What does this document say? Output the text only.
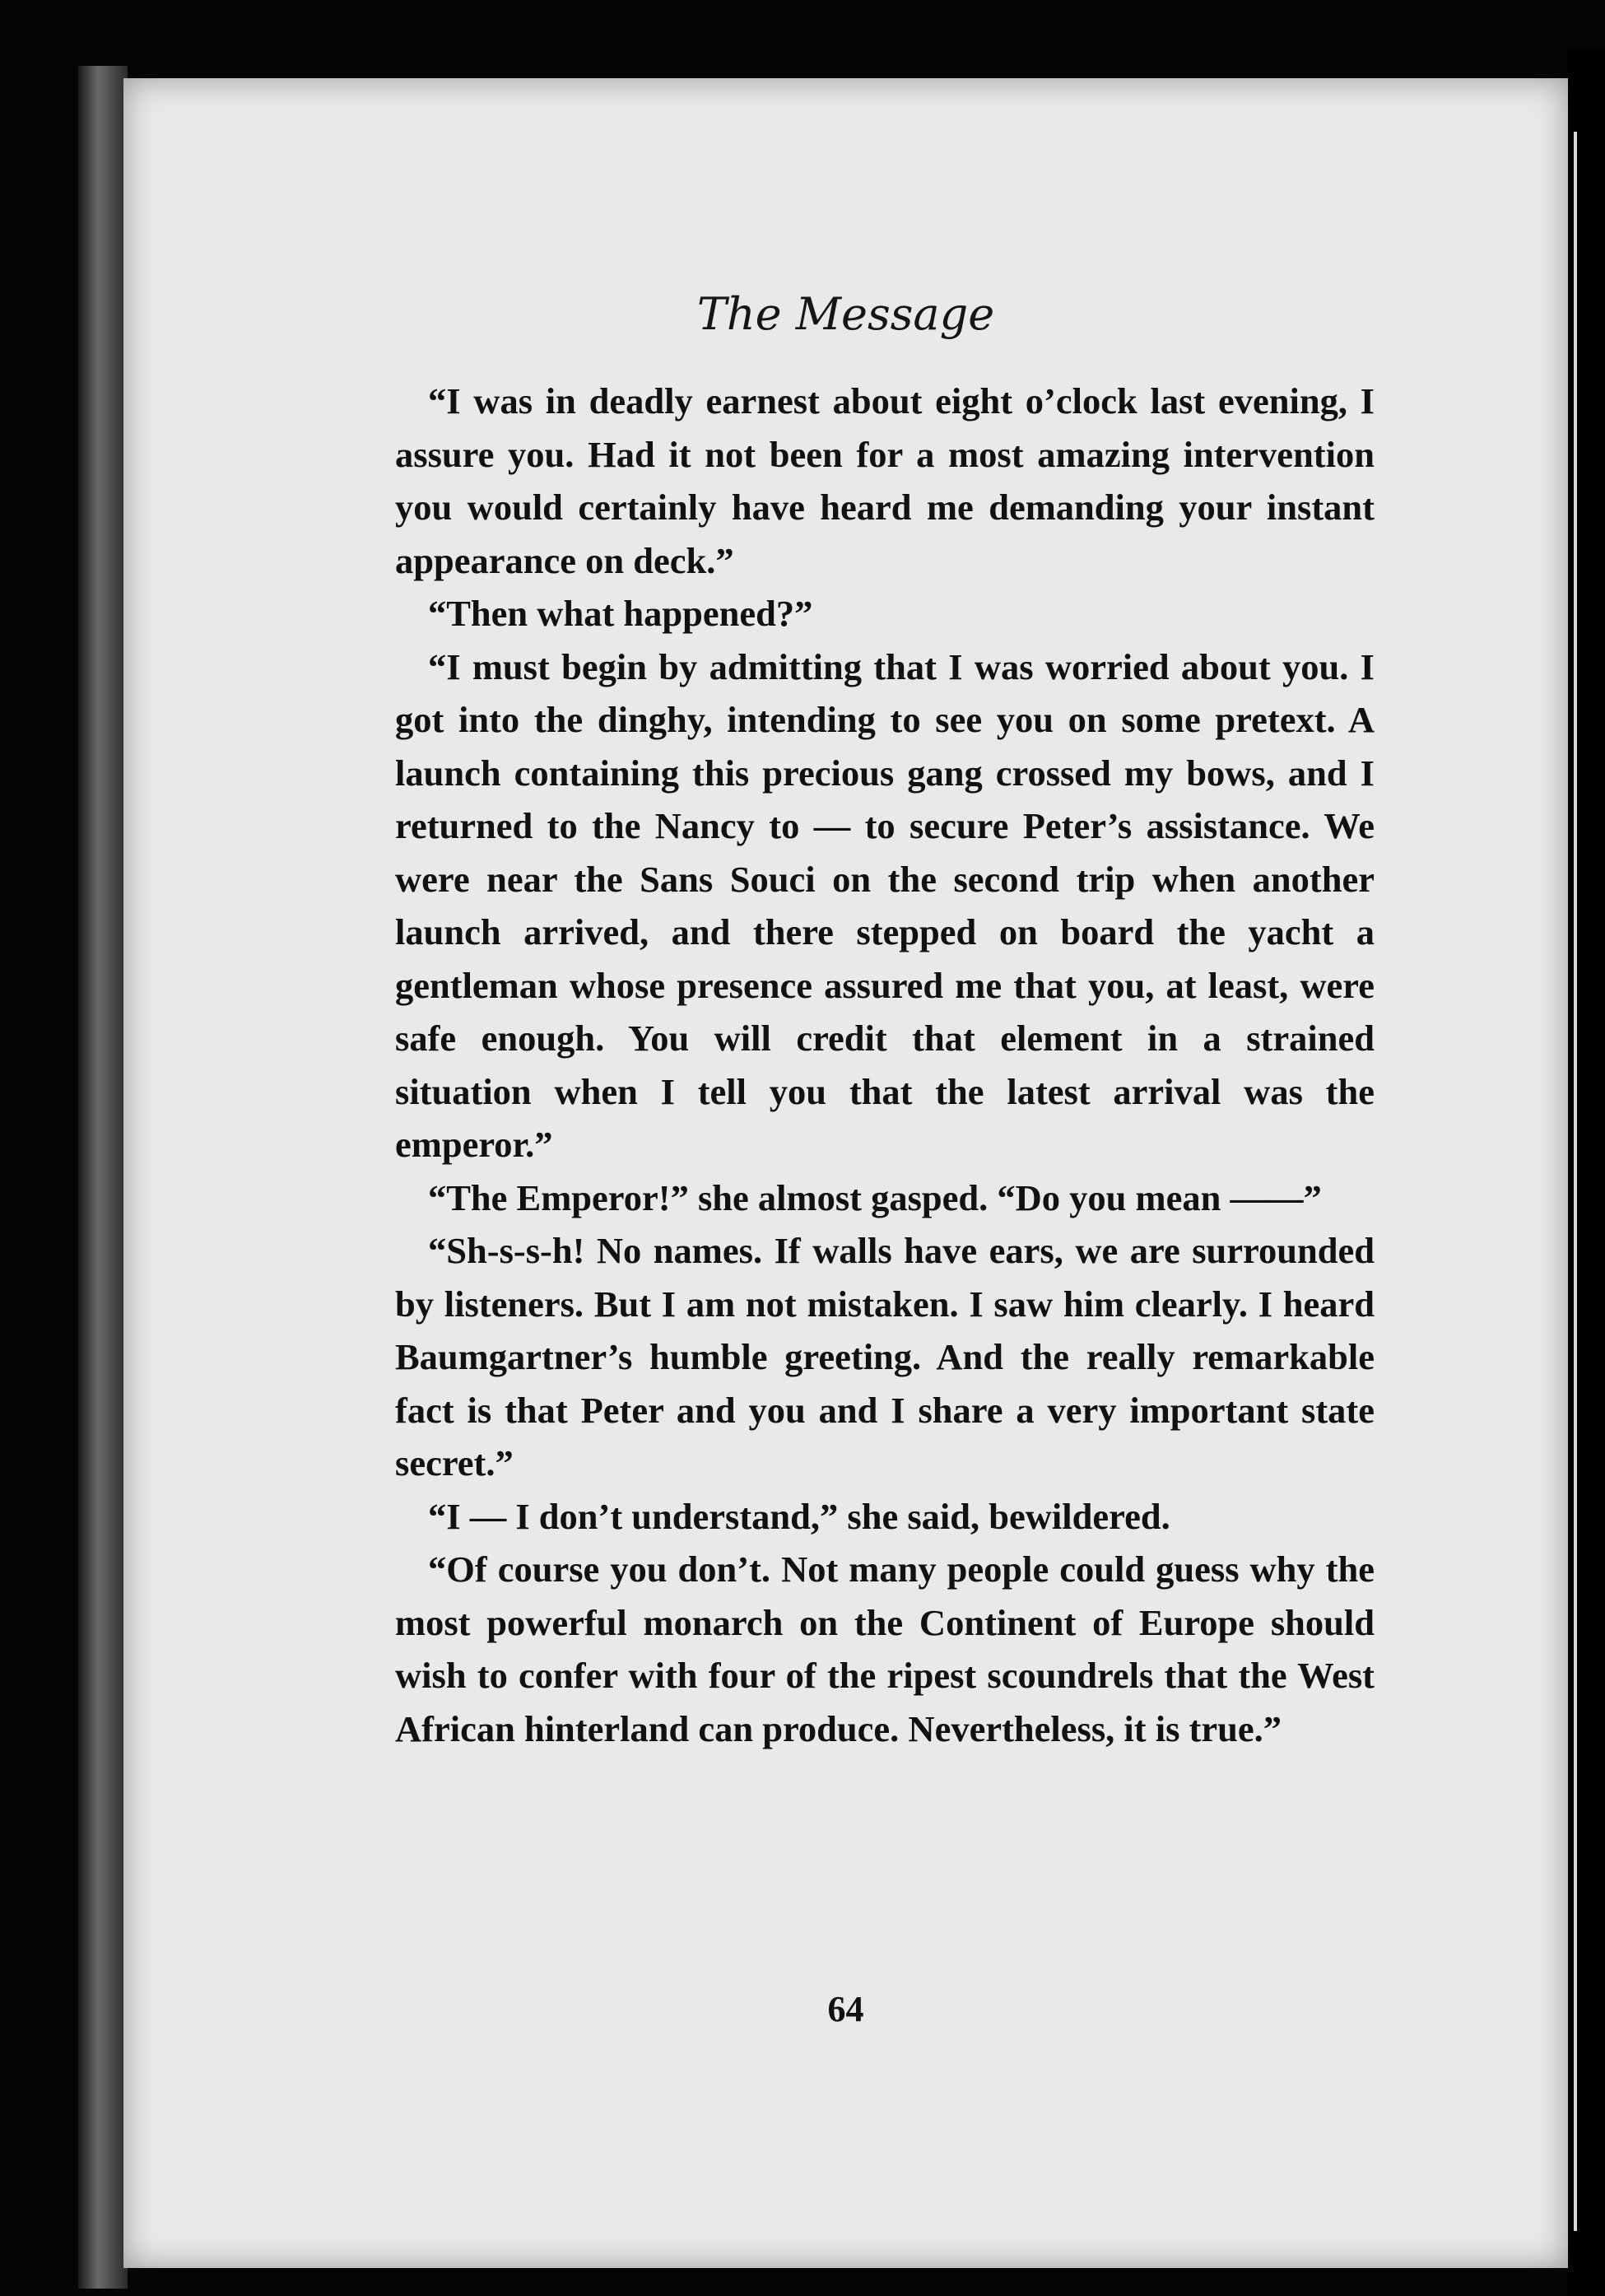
The Message

“I was in deadly earnest about eight o’clock last evening, I assure you. Had it not been for a most amazing intervention you would certainly have heard me demanding your instant appearance on deck.”

“Then what happened?”

“I must begin by admitting that I was worried about you. I got into the dinghy, intending to see you on some pretext. A launch containing this precious gang crossed my bows, and I returned to the Nancy to — to secure Peter’s assistance. We were near the Sans Souci on the second trip when another launch arrived, and there stepped on board the yacht a gentleman whose presence assured me that you, at least, were safe enough. You will credit that element in a strained situation when I tell you that the latest arrival was the emperor.”

“The Emperor!” she almost gasped. “Do you mean ——”

“Sh-s-s-h! No names. If walls have ears, we are surrounded by listeners. But I am not mistaken. I saw him clearly. I heard Baumgartner’s humble greeting. And the really remarkable fact is that Peter and you and I share a very important state secret.”

“I — I don’t understand,” she said, bewildered.

“Of course you don’t. Not many people could guess why the most powerful monarch on the Continent of Europe should wish to confer with four of the ripest scoundrels that the West African hinterland can produce. Nevertheless, it is true.”

64
